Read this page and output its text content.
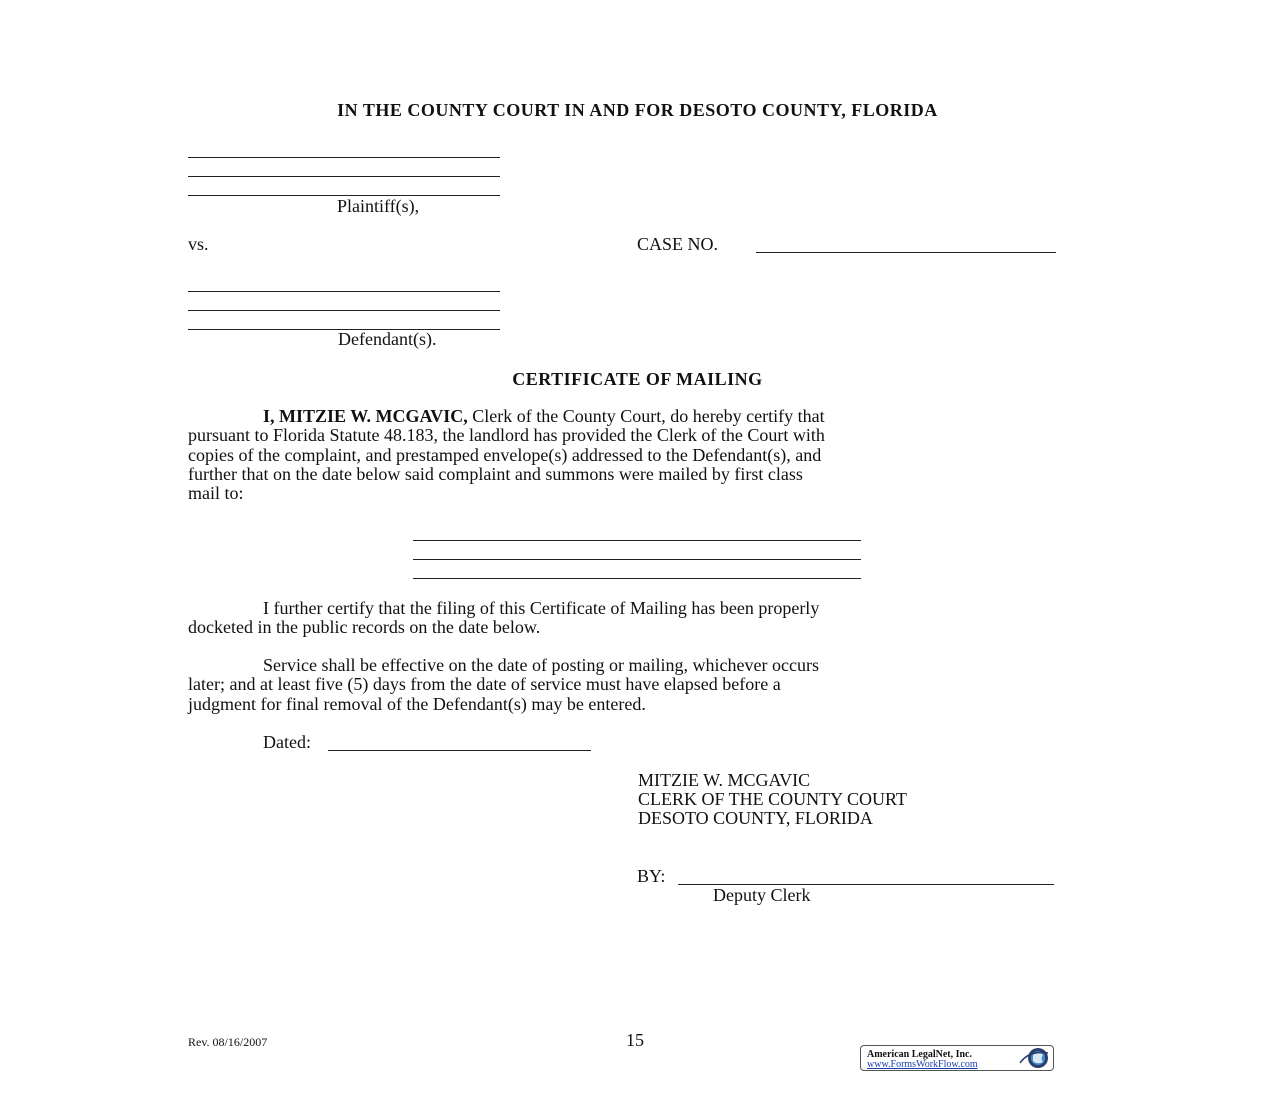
IN THE COUNTY COURT IN AND FOR DESOTO COUNTY, FLORIDA
Plaintiff(s),
vs.	CASE NO.
Defendant(s).
CERTIFICATE OF MAILING
I, MITZIE W. MCGAVIC, Clerk of the County Court, do hereby certify that
pursuant to Florida Statute 48.183, the landlord has provided the Clerk of the Court with
copies of the complaint, and prestamped envelope(s) addressed to the Defendant(s), and
further that on the date below said complaint and summons were mailed by first class
mail to:
I further certify that the filing of this Certificate of Mailing has been properly
docketed in the public records on the date below.
Service shall be effective on the date of posting or mailing, whichever occurs
later; and at least five (5) days from the date of service must have elapsed before a
judgment for final removal of the Defendant(s) may be entered.
Dated:
MITZIE W. MCGAVIC
CLERK OF THE COUNTY COURT
DESOTO COUNTY, FLORIDA
BY:
Deputy Clerk
Rev. 08/16/2007	15
American LegalNet, Inc.
www.FormsWorkFlow.com
